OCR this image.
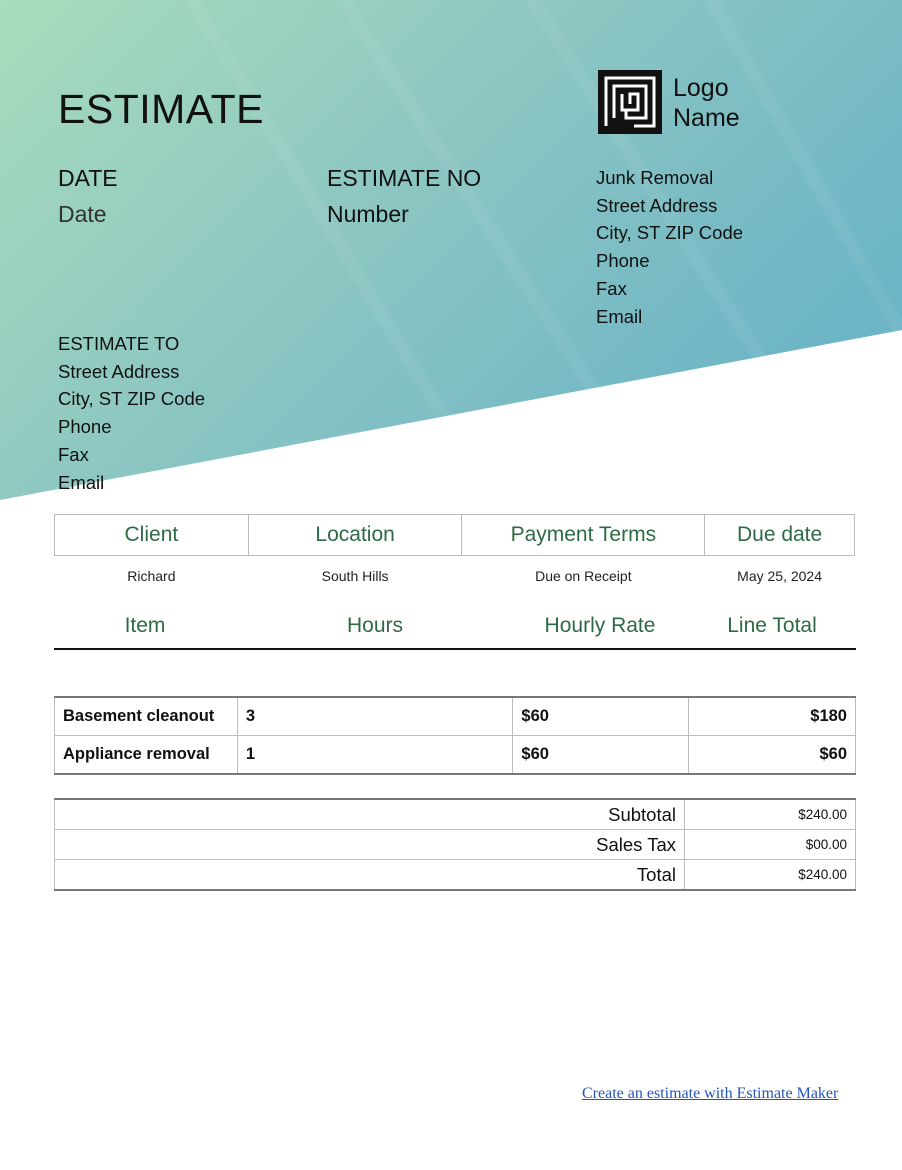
ESTIMATE
DATE
Date
ESTIMATE NO
Number
Logo
Name
Junk Removal
Street Address
City, ST ZIP Code
Phone
Fax
Email
ESTIMATE TO
Street Address
City, ST ZIP Code
Phone
Fax
Email
Client	Location	Payment Terms	Due date
Richard	South Hills	Due on Receipt	May 25, 2024
Item	Hours	Hourly Rate	Line Total
Basement cleanout	3	$60	$180
Appliance removal	1	$60	$60
Subtotal	$240.00
Sales Tax	$00.00
Total	$240.00
Create an estimate with Estimate Maker
